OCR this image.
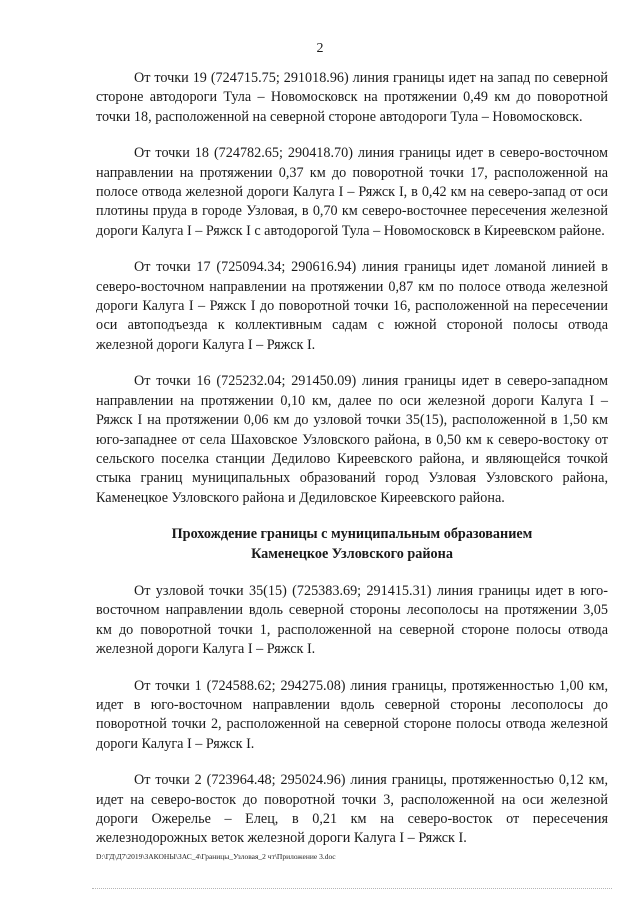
2

От точки 19 (724715.75; 291018.96) линия границы идет на запад по северной стороне автодороги Тула – Новомосковск на протяжении 0,49 км до поворотной точки 18, расположенной на северной стороне автодороги Тула – Новомосковск.

От точки 18 (724782.65; 290418.70) линия границы идет в северо-восточном направлении на протяжении 0,37 км до поворотной точки 17, расположенной на полосе отвода железной дороги Калуга I – Ряжск I, в 0,42 км на северо-запад от оси плотины пруда в городе Узловая, в 0,70 км северо-восточнее пересечения железной дороги Калуга I – Ряжск I с автодорогой Тула – Новомосковск в Киреевском районе.

От точки 17 (725094.34; 290616.94) линия границы идет ломаной линией в северо-восточном направлении на протяжении 0,87 км по полосе отвода железной дороги Калуга I – Ряжск I до поворотной точки 16, расположенной на пересечении оси автоподъезда к коллективным садам с южной стороной полосы отвода железной дороги Калуга I – Ряжск I.

От точки 16 (725232.04; 291450.09) линия границы идет в северо-западном направлении на протяжении 0,10 км, далее по оси железной дороги Калуга I – Ряжск I на протяжении 0,06 км до узловой точки 35(15), расположенной в 1,50 км юго-западнее от села Шаховское Узловского района, в 0,50 км к северо-востоку от сельского поселка станции Дедилово Киреевского района, и являющейся точкой стыка границ муниципальных образований город Узловая Узловского района, Каменецкое Узловского района и Дедиловское Киреевского района.

Прохождение границы с муниципальным образованием
Каменецкое Узловского района

От узловой точки 35(15) (725383.69; 291415.31) линия границы идет в юго-восточном направлении вдоль северной стороны лесополосы на протяжении 3,05 км до поворотной точки 1, расположенной на северной стороне полосы отвода железной дороги Калуга I – Ряжск I.

От точки 1 (724588.62; 294275.08) линия границы, протяженностью 1,00 км, идет в юго-восточном направлении вдоль северной стороны лесополосы до поворотной точки 2, расположенной на северной стороне полосы отвода железной дороги Калуга I – Ряжск I.

От точки 2 (723964.48; 295024.96) линия границы, протяженностью 0,12 км, идет на северо-восток до поворотной точки 3, расположенной на оси железной дороги Ожерелье – Елец, в 0,21 км на северо-восток от пересечения железнодорожных веток железной дороги Калуга I – Ряжск I.

D:\ГД\Д7\2019\ЗАКОНЫ\ЗАС_4\Границы_Узловая_2 чт\Приложение 3.doc
